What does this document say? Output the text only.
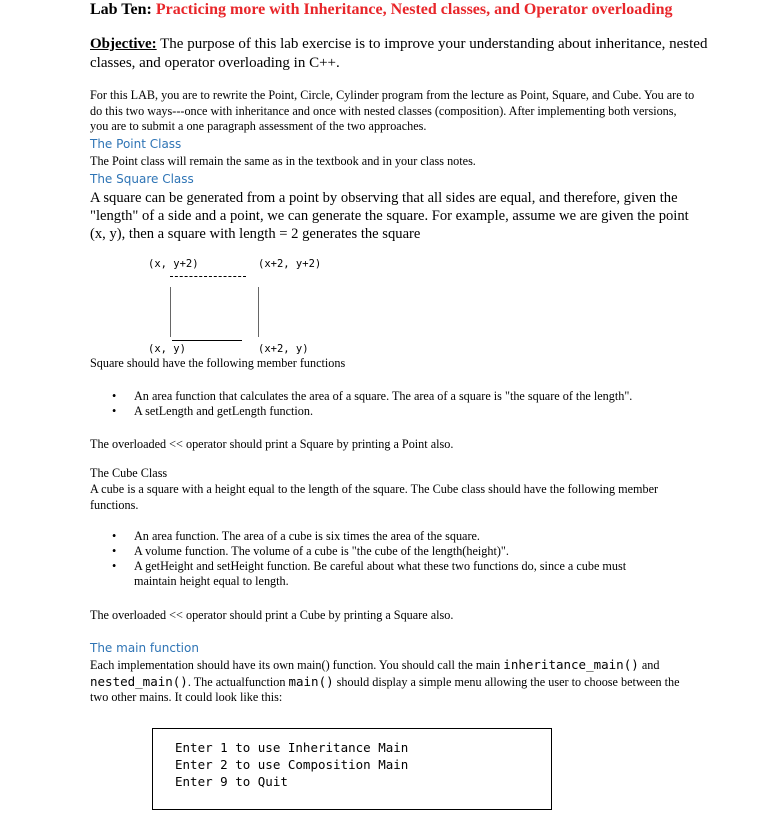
Lab Ten: Practicing more with Inheritance, Nested classes, and Operator overloading
Objective: The purpose of this lab exercise is to improve your understanding about inheritance, nested classes, and operator overloading in C++.
For this LAB, you are to rewrite the Point, Circle, Cylinder program from the lecture as Point, Square, and Cube. You are to do this two ways---once with inheritance and once with nested classes (composition). After implementing both versions, you are to submit a one paragraph assessment of the two approaches.
The Point Class
The Point class will remain the same as in the textbook and in your class notes.
The Square Class
A square can be generated from a point by observing that all sides are equal, and therefore, given the "length" of a side and a point, we can generate the square. For example, assume we are given the point (x, y), then a square with length = 2 generates the square
(x, y+2)	(x+2, y+2)
(x, y)	(x+2, y)
Square should have the following member functions
• An area function that calculates the area of a square. The area of a square is "the square of the length".
• A setLength and getLength function.
The overloaded << operator should print a Square by printing a Point also.
The Cube Class
A cube is a square with a height equal to the length of the square. The Cube class should have the following member functions.
• An area function. The area of a cube is six times the area of the square.
• A volume function. The volume of a cube is "the cube of the length(height)".
• A getHeight and setHeight function. Be careful about what these two functions do, since a cube must maintain height equal to length.
The overloaded << operator should print a Cube by printing a Square also.
The main function
Each implementation should have its own main() function. You should call the main inheritance_main() and nested_main(). The actualfunction main() should display a simple menu allowing the user to choose between the two other mains. It could look like this:
Enter 1 to use Inheritance Main
Enter 2 to use Composition Main
Enter 9 to Quit
